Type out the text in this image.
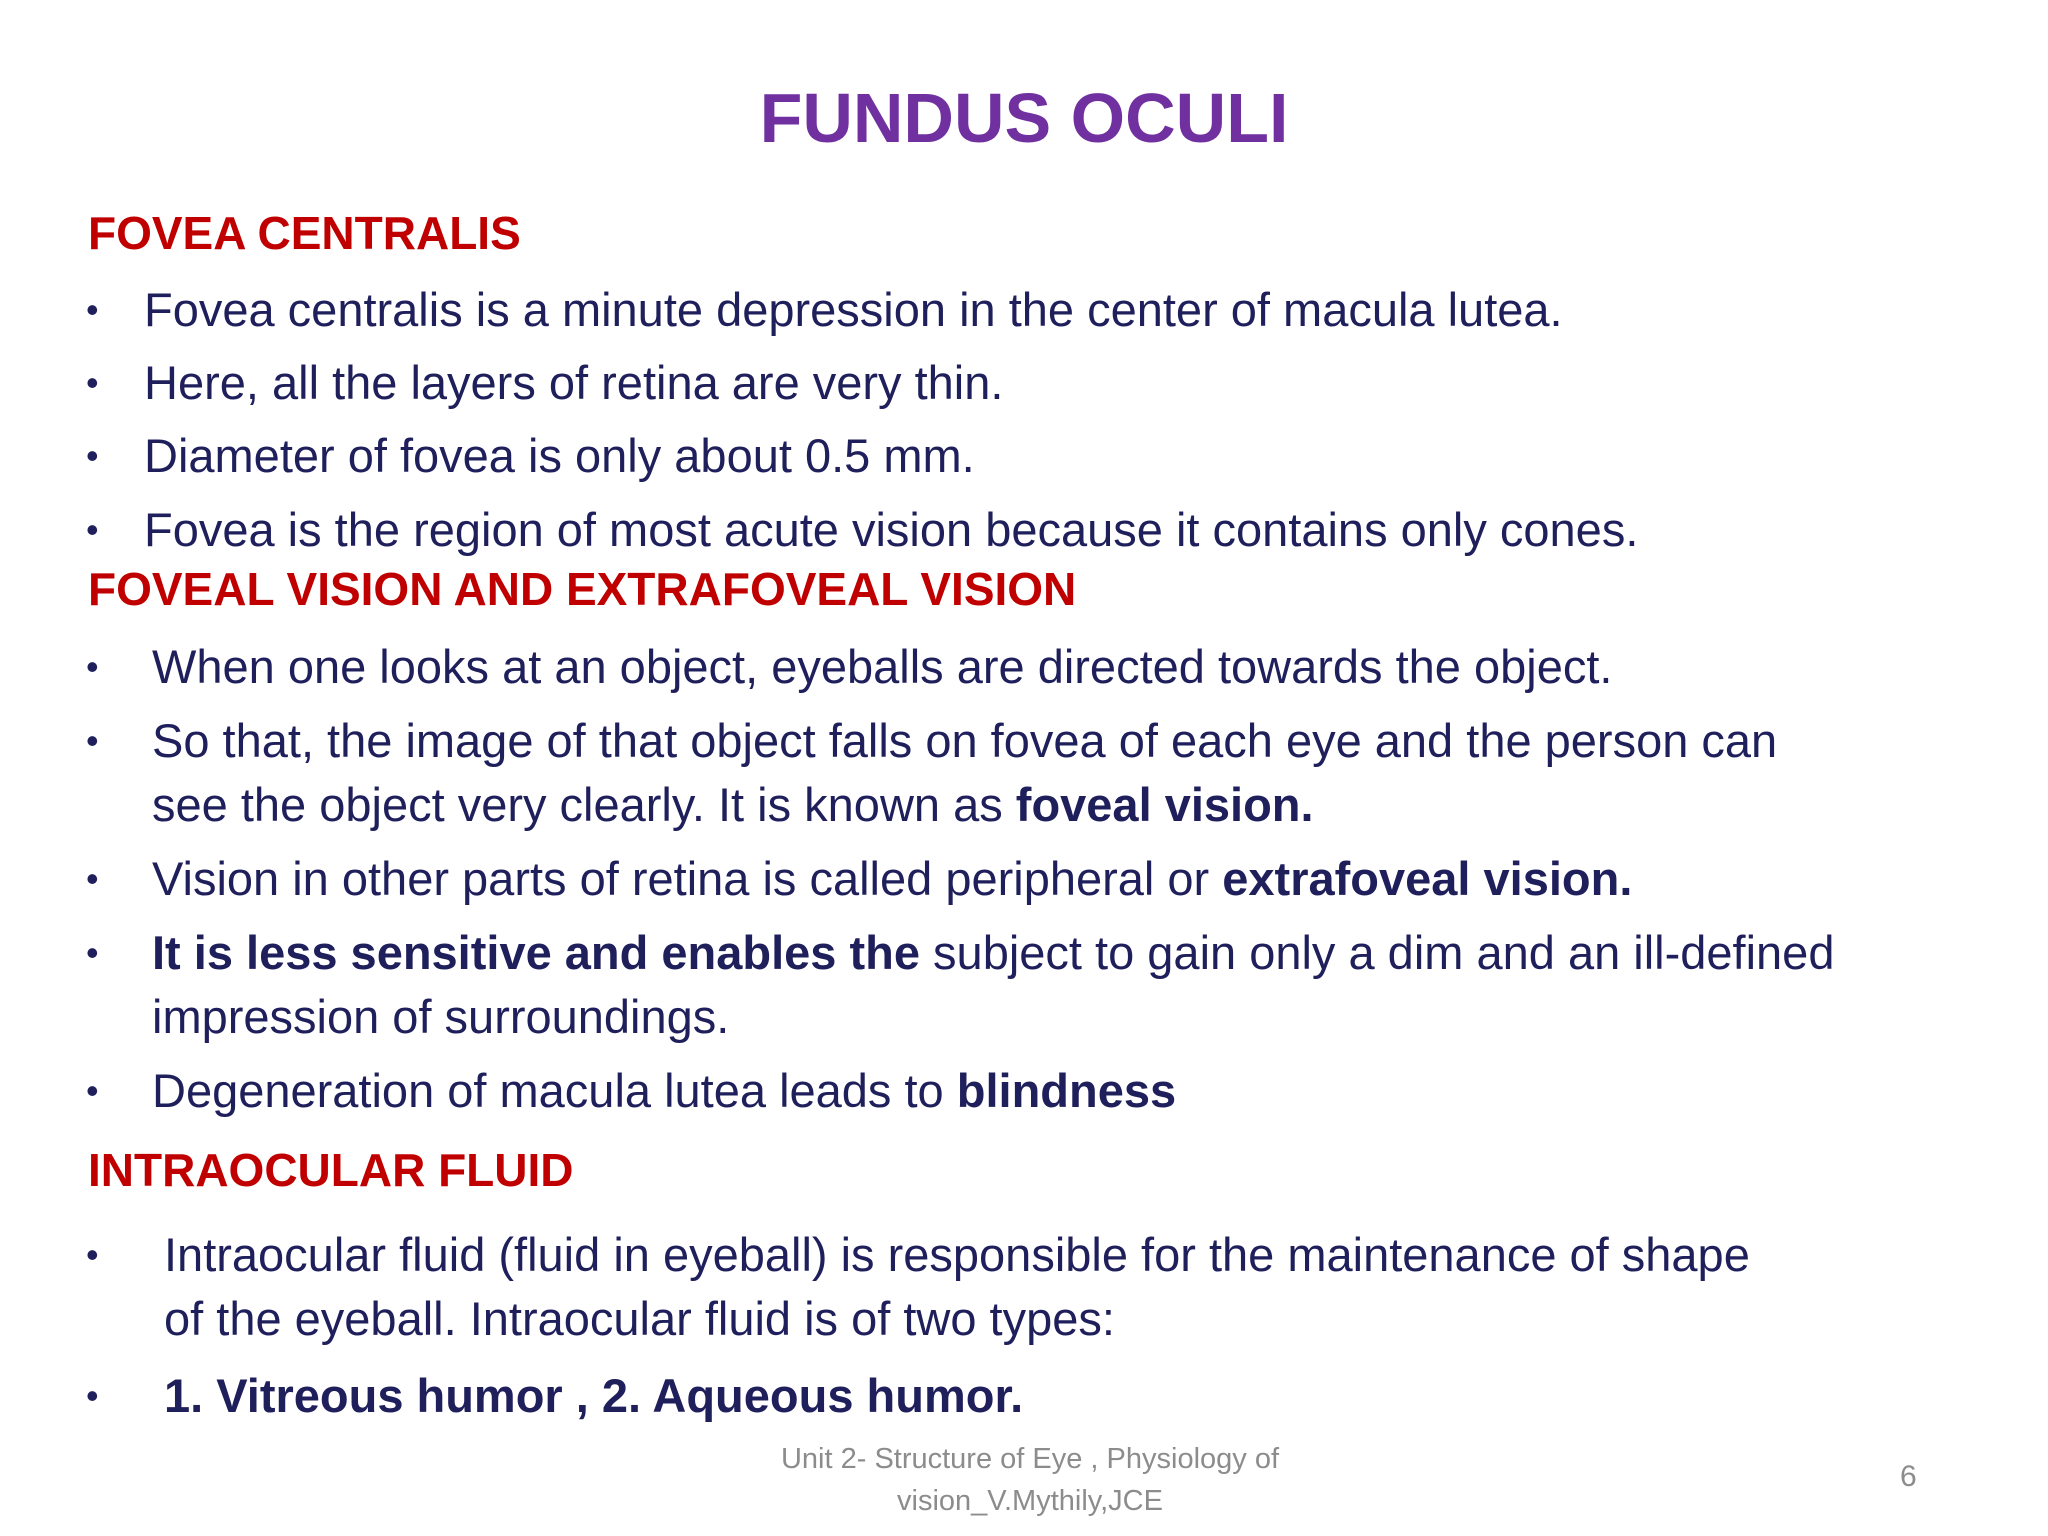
FUNDUS OCULI
FOVEA CENTRALIS
• Fovea centralis is a minute depression in the center of macula lutea.
• Here, all the layers of retina are very thin.
• Diameter of fovea is only about 0.5 mm.
• Fovea is the region of most acute vision because it contains only cones.
FOVEAL VISION AND EXTRAFOVEAL VISION
•	When one looks at an object, eyeballs are directed towards the object.
•	So that, the image of that object falls on fovea of each eye and the person can
see the object very clearly. It is known as foveal vision.
•	Vision in other parts of retina is called peripheral or extrafoveal vision.
•	It is less sensitive and enables the subject to gain only a dim and an ill-defined
impression of surroundings.
•	Degeneration of macula lutea leads to blindness
INTRAOCULAR FLUID
•	Intraocular fluid (fluid in eyeball) is responsible for the maintenance of shape
of the eyeball. Intraocular fluid is of two types:
•	1. Vitreous humor , 2. Aqueous humor.
Unit 2- Structure of Eye , Physiology of
vision_V.Mythily,JCE
6
